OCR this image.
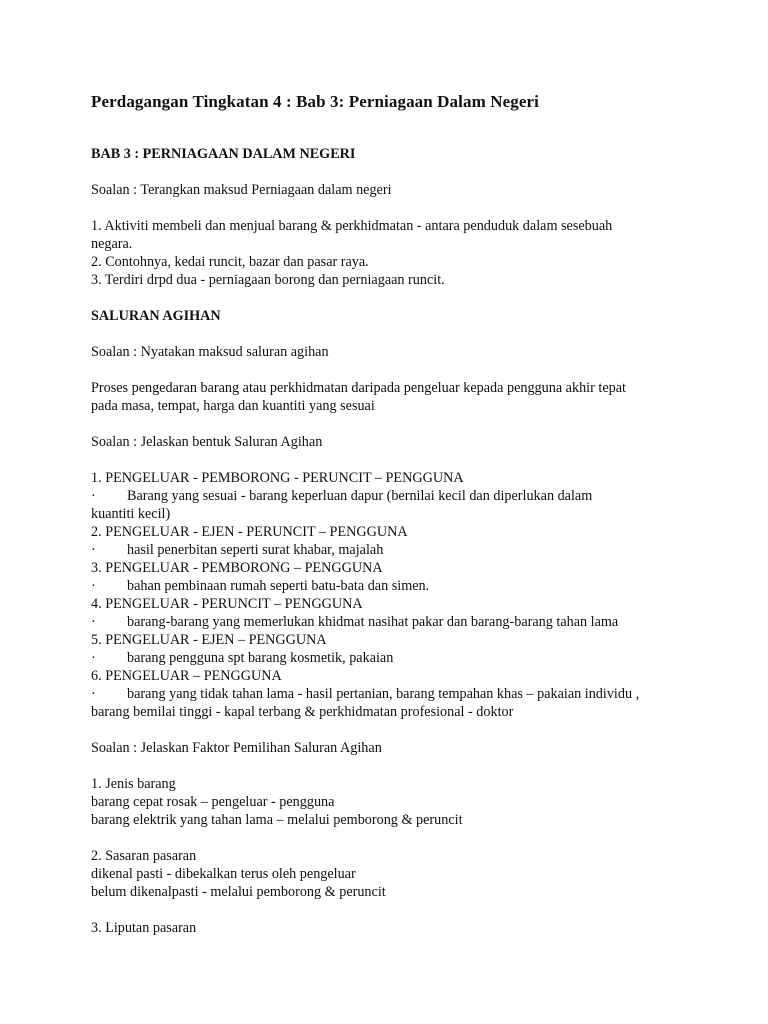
Perdagangan Tingkatan 4 : Bab 3: Perniagaan Dalam Negeri

BAB 3 : PERNIAGAAN DALAM NEGERI

Soalan : Terangkan maksud Perniagaan dalam negeri

1. Aktiviti membeli dan menjual barang & perkhidmatan - antara penduduk dalam sesebuah

negara.

2. Contohnya, kedai runcit, bazar dan pasar raya.

3. Terdiri drpd dua - perniagaan borong dan perniagaan runcit.

SALURAN AGIHAN

Soalan : Nyatakan maksud saluran agihan

Proses pengedaran barang atau perkhidmatan daripada pengeluar kepada pengguna akhir tepat

pada masa, tempat, harga dan kuantiti yang sesuai

Soalan : Jelaskan bentuk Saluran Agihan

1. PENGELUAR - PEMBORONG - PERUNCIT – PENGGUNA

· Barang yang sesuai - barang keperluan dapur (bernilai kecil dan diperlukan dalam

kuantiti kecil)

2. PENGELUAR - EJEN - PERUNCIT – PENGGUNA

· hasil penerbitan seperti surat khabar, majalah

3. PENGELUAR - PEMBORONG – PENGGUNA

· bahan pembinaan rumah seperti batu-bata dan simen.

4. PENGELUAR - PERUNCIT – PENGGUNA

· barang-barang yang memerlukan khidmat nasihat pakar dan barang-barang tahan lama

5. PENGELUAR - EJEN – PENGGUNA

· barang pengguna spt barang kosmetik, pakaian

6. PENGELUAR – PENGGUNA

· barang yang tidak tahan lama - hasil pertanian, barang tempahan khas – pakaian individu ,

barang bemilai tinggi - kapal terbang & perkhidmatan profesional - doktor

Soalan : Jelaskan Faktor Pemilihan Saluran Agihan

1. Jenis barang

barang cepat rosak – pengeluar - pengguna

barang elektrik yang tahan lama – melalui pemborong & peruncit

2. Sasaran pasaran

dikenal pasti - dibekalkan terus oleh pengeluar

belum dikenalpasti - melalui pemborong & peruncit

3. Liputan pasaran
